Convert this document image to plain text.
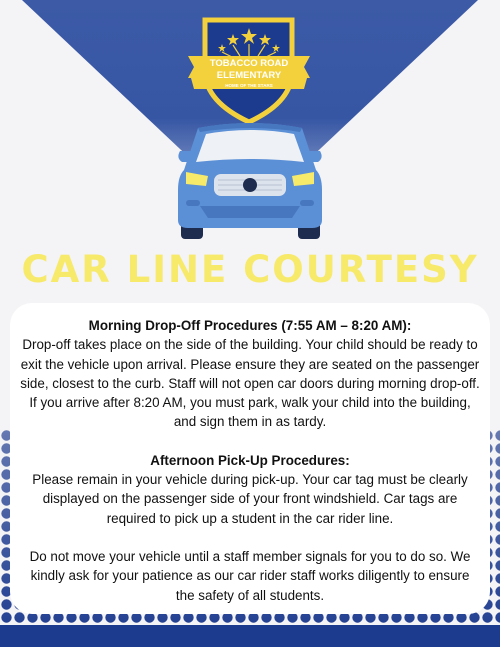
TOBACCO ROAD
ELEMENTARY
HOME OF THE STARS
CAR LINE COURTESY

Morning Drop-Off Procedures (7:55 AM – 8:20 AM):

Drop-off takes place on the side of the building. Your child should be ready to exit the vehicle upon arrival. Please ensure they are seated on the passenger side, closest to the curb. Staff will not open car doors during morning drop-off.

If you arrive after 8:20 AM, you must park, walk your child into the building, and sign them in as tardy.

Afternoon Pick-Up Procedures:

Please remain in your vehicle during pick-up. Your car tag must be clearly displayed on the passenger side of your front windshield. Car tags are required to pick up a student in the car rider line.

Do not move your vehicle until a staff member signals for you to do so. We kindly ask for your patience as our car rider staff works diligently to ensure the safety of all students.
